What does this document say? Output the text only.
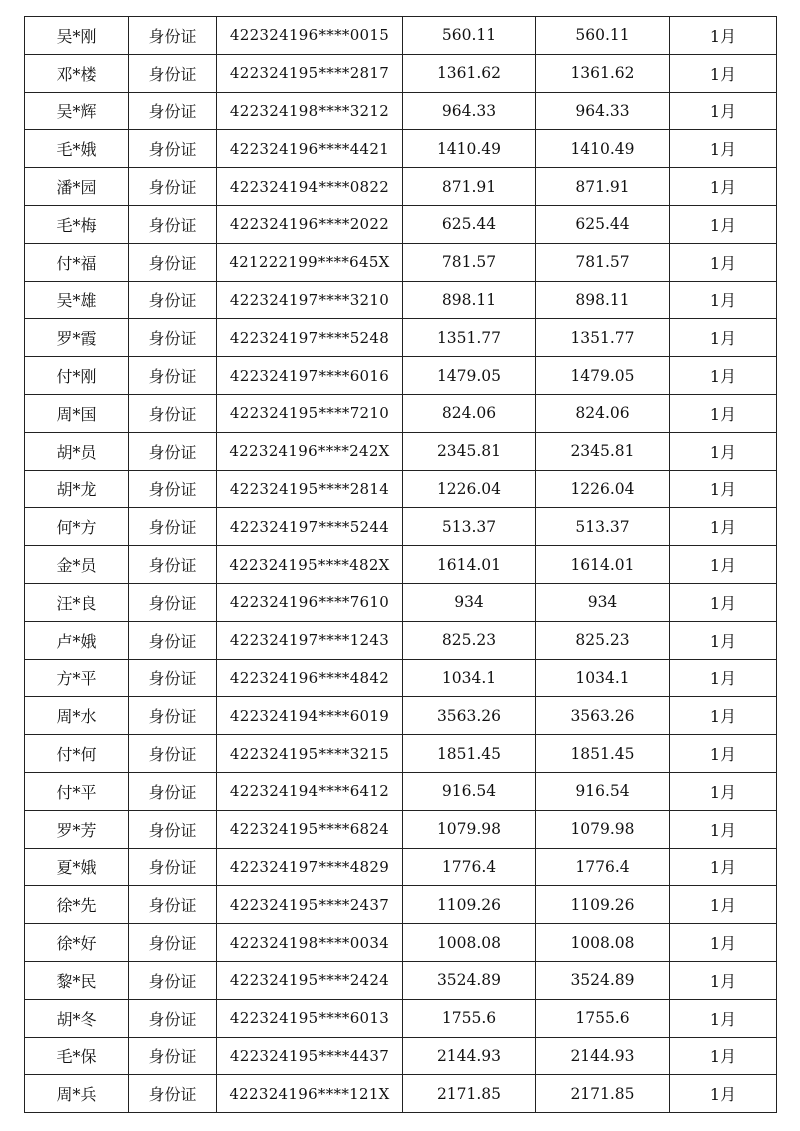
吴*刚	身份证	422324196****0015	560.11	560.11	1月
邓*楼	身份证	422324195****2817	1361.62	1361.62	1月
吴*辉	身份证	422324198****3212	964.33	964.33	1月
毛*娥	身份证	422324196****4421	1410.49	1410.49	1月
潘*园	身份证	422324194****0822	871.91	871.91	1月
毛*梅	身份证	422324196****2022	625.44	625.44	1月
付*福	身份证	421222199****645X	781.57	781.57	1月
吴*雄	身份证	422324197****3210	898.11	898.11	1月
罗*霞	身份证	422324197****5248	1351.77	1351.77	1月
付*刚	身份证	422324197****6016	1479.05	1479.05	1月
周*国	身份证	422324195****7210	824.06	824.06	1月
胡*员	身份证	422324196****242X	2345.81	2345.81	1月
胡*龙	身份证	422324195****2814	1226.04	1226.04	1月
何*方	身份证	422324197****5244	513.37	513.37	1月
金*员	身份证	422324195****482X	1614.01	1614.01	1月
汪*良	身份证	422324196****7610	934	934	1月
卢*娥	身份证	422324197****1243	825.23	825.23	1月
方*平	身份证	422324196****4842	1034.1	1034.1	1月
周*水	身份证	422324194****6019	3563.26	3563.26	1月
付*何	身份证	422324195****3215	1851.45	1851.45	1月
付*平	身份证	422324194****6412	916.54	916.54	1月
罗*芳	身份证	422324195****6824	1079.98	1079.98	1月
夏*娥	身份证	422324197****4829	1776.4	1776.4	1月
徐*先	身份证	422324195****2437	1109.26	1109.26	1月
徐*好	身份证	422324198****0034	1008.08	1008.08	1月
黎*民	身份证	422324195****2424	3524.89	3524.89	1月
胡*冬	身份证	422324195****6013	1755.6	1755.6	1月
毛*保	身份证	422324195****4437	2144.93	2144.93	1月
周*兵	身份证	422324196****121X	2171.85	2171.85	1月
